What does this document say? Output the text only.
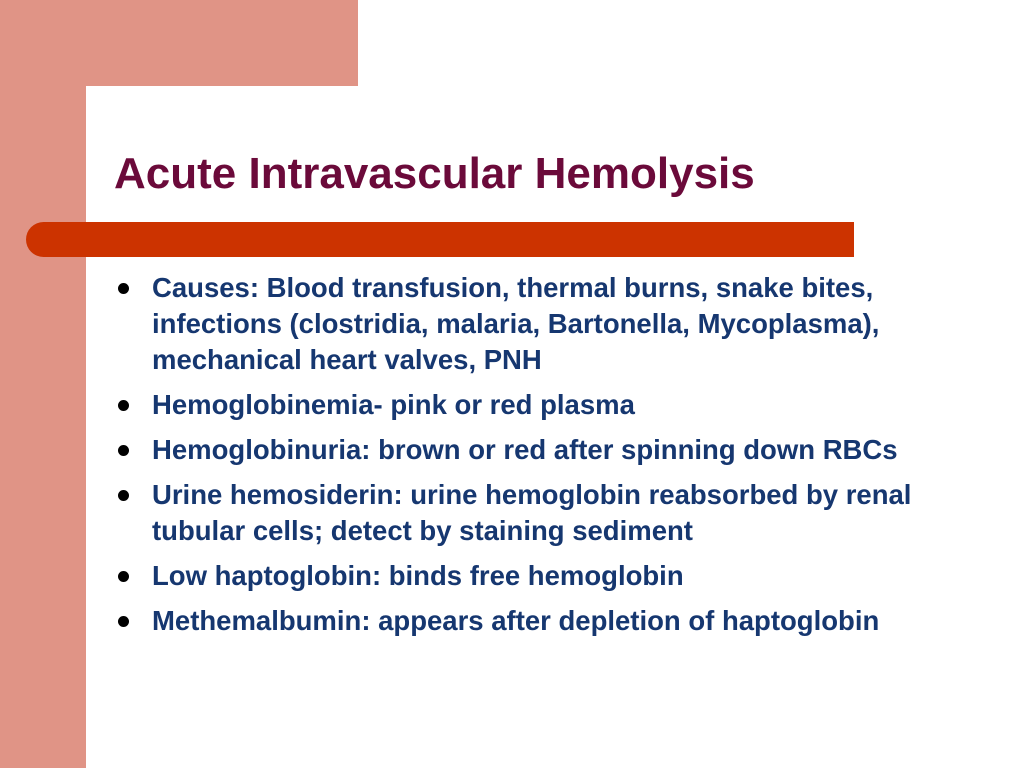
Acute Intravascular Hemolysis
Causes: Blood transfusion, thermal burns, snake bites, infections (clostridia, malaria, Bartonella, Mycoplasma), mechanical heart valves, PNH
Hemoglobinemia- pink or red plasma
Hemoglobinuria: brown or red after spinning down RBCs
Urine hemosiderin: urine hemoglobin reabsorbed by renal tubular cells; detect by staining sediment
Low haptoglobin: binds free hemoglobin
Methemalbumin: appears after depletion of haptoglobin
